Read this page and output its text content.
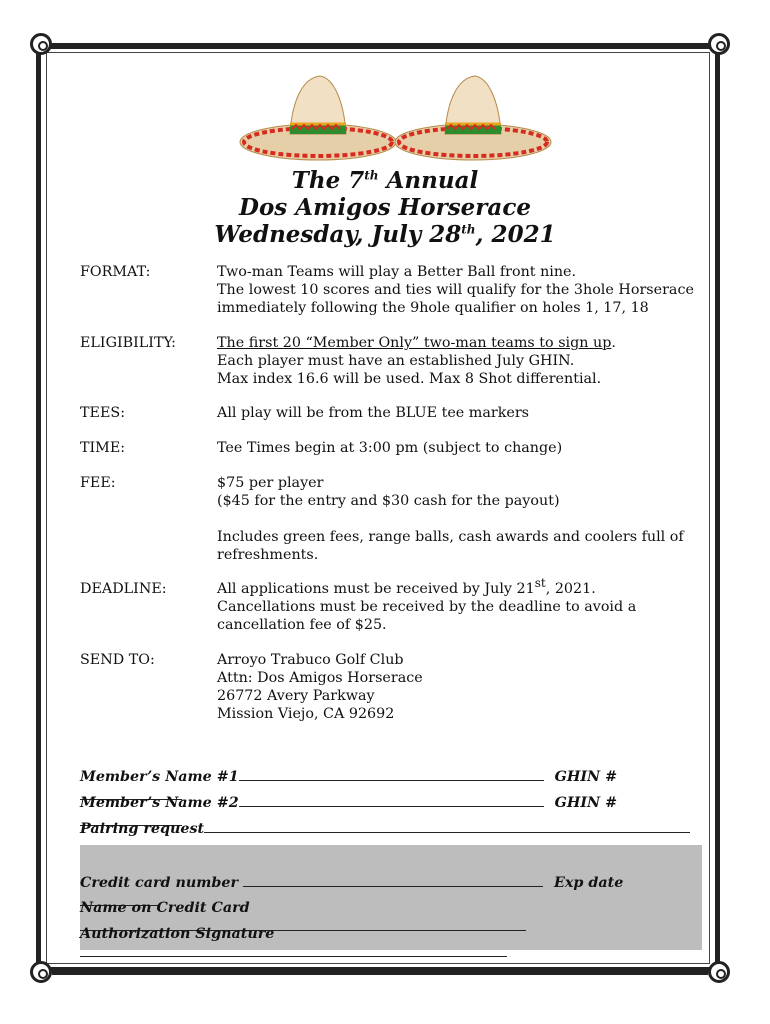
The 7th Annual
Dos Amigos Horserace
Wednesday, July 28th, 2021
FORMAT:	Two-man Teams will play a Better Ball front nine.
The lowest 10 scores and ties will qualify for the 3hole Horserace
immediately following the 9hole qualifier on holes 1, 17, 18
ELIGIBILITY:	The first 20 “Member Only” two-man teams to sign up.
Each player must have an established July GHIN.
Max index 16.6 will be used. Max 8 Shot differential.
TEES:	All play will be from the BLUE tee markers
TIME:	Tee Times begin at 3:00 pm (subject to change)
FEE:	$75 per player
($45 for the entry and $30 cash for the payout)
Includes green fees, range balls, cash awards and coolers full of
refreshments.
DEADLINE:	All applications must be received by July 21st, 2021.
Cancellations must be received by the deadline to avoid a
cancellation fee of $25.
SEND TO:	Arroyo Trabuco Golf Club
Attn: Dos Amigos Horserace
26772 Avery Parkway
Mission Viejo, CA 92692
Member’s Name #1	GHIN #
Member’s Name #2	GHIN #
Pairing request
Credit card number	Exp date
Name on Credit Card
Authorization Signature
